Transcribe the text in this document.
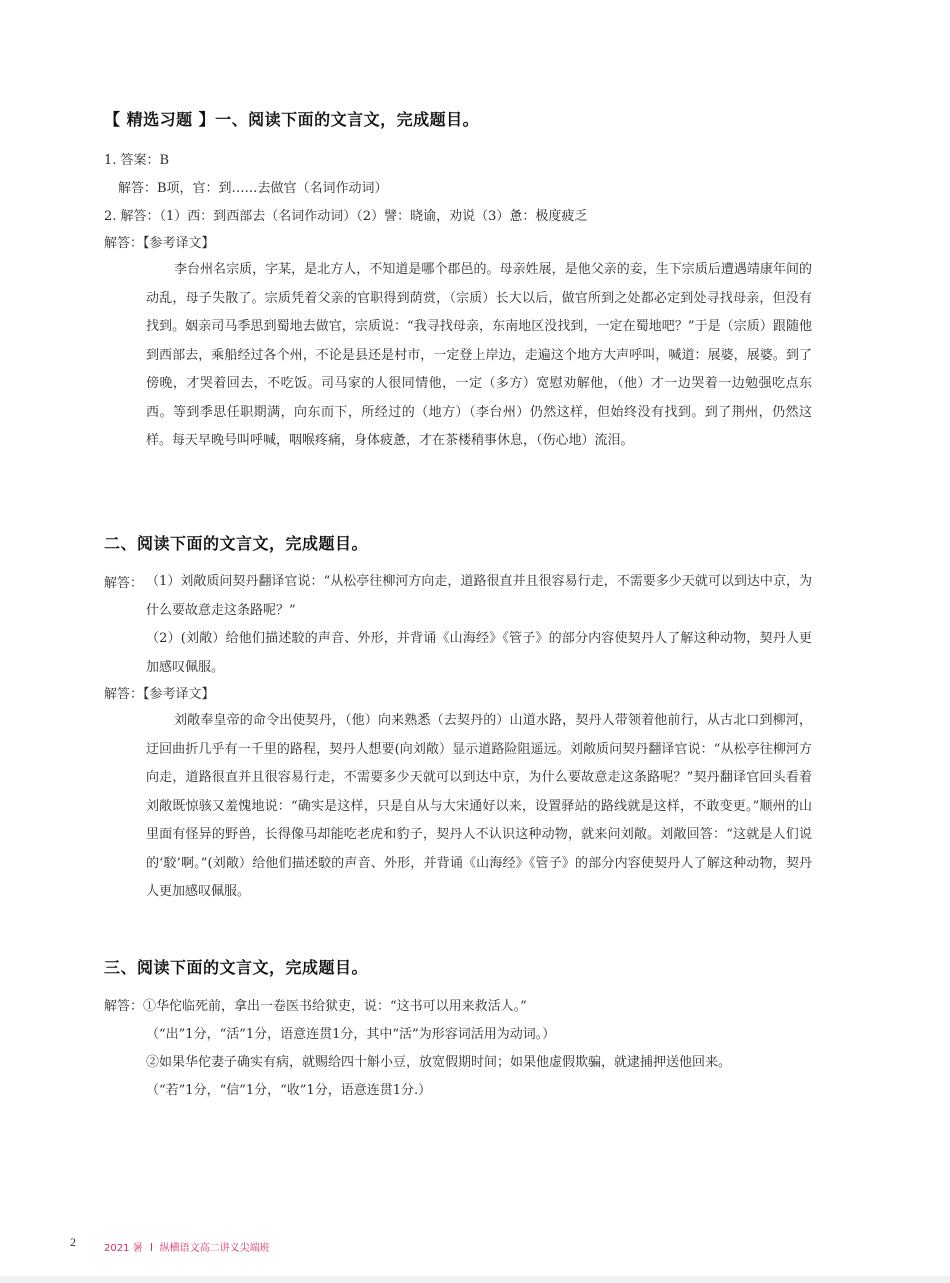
【 精选习题 】一、阅读下面的文言文，完成题目。
1. 答案：B
解答：B项，官：到……去做官（名词作动词）
2. 解答：（1）西：到西部去（名词作动词）（2）譬：晓谕，劝说（3）惫：极度疲乏
解答：【参考译文】
李台州名宗质，字某，是北方人，不知道是哪个郡邑的。母亲姓展，是他父亲的妾，生下宗质后遭遇靖康年间的动乱，母子失散了。宗质凭着父亲的官职得到荫赏，（宗质）长大以后，做官所到之处都必定到处寻找母亲，但没有找到。姻亲司马季思到蜀地去做官，宗质说：“我寻找母亲，东南地区没找到，一定在蜀地吧？”于是（宗质）跟随他到西部去，乘船经过各个州，不论是县还是村市，一定登上岸边，走遍这个地方大声呼叫，喊道：展婆，展婆。到了傍晚，才哭着回去，不吃饭。司马家的人很同情他，一定（多方）宽慰劝解他，（他）才一边哭着一边勉强吃点东西。等到季思任职期满，向东而下，所经过的（地方）（李台州）仍然这样，但始终没有找到。到了荆州，仍然这样。每天早晚号叫呼喊，咽喉疼痛，身体疲惫，才在茶楼稍事休息，（伤心地）流泪。
二、阅读下面的文言文，完成题目。
解答： （1）刘敞质问契丹翻译官说：“从松亭往柳河方向走，道路很直并且很容易行走，不需要多少天就可以到达中京，为什么要故意走这条路呢？”
（2）(刘敞）给他们描述駮的声音、外形，并背诵《山海经》《管子》的部分内容使契丹人了解这种动物，契丹人更加感叹佩服。
解答：【参考译文】
刘敞奉皇帝的命令出使契丹，（他）向来熟悉（去契丹的）山道水路，契丹人带领着他前行，从古北口到柳河，迂回曲折几乎有一千里的路程，契丹人想要(向刘敞）显示道路险阻遥远。刘敞质问契丹翻译官说：“从松亭往柳河方向走，道路很直并且很容易行走，不需要多少天就可以到达中京，为什么要故意走这条路呢？”契丹翻译官回头看着刘敞既惊骇又羞愧地说：“确实是这样，只是自从与大宋通好以来，设置驿站的路线就是这样，不敢变更。”顺州的山里面有怪异的野兽，长得像马却能吃老虎和豹子，契丹人不认识这种动物，就来问刘敞。刘敞回答：“这就是人们说的‘駮’啊。”(刘敞）给他们描述駮的声音、外形，并背诵《山海经》《管子》的部分内容使契丹人了解这种动物，契丹人更加感叹佩服。
三、阅读下面的文言文，完成题目。
解答：①华佗临死前，拿出一卷医书给狱吏，说：“这书可以用来救活人。”
（“出”1分，“活”1分，语意连贯1分，其中“活”为形容词活用为动词。）
②如果华佗妻子确实有病，就赐给四十斛小豆，放宽假期时间；如果他虚假欺骗，就逮捕押送他回来。
（“若”1分，“信”1分，“收”1分，语意连贯1分.）
2	2021 暑 纵横语文高二讲义尖端班
